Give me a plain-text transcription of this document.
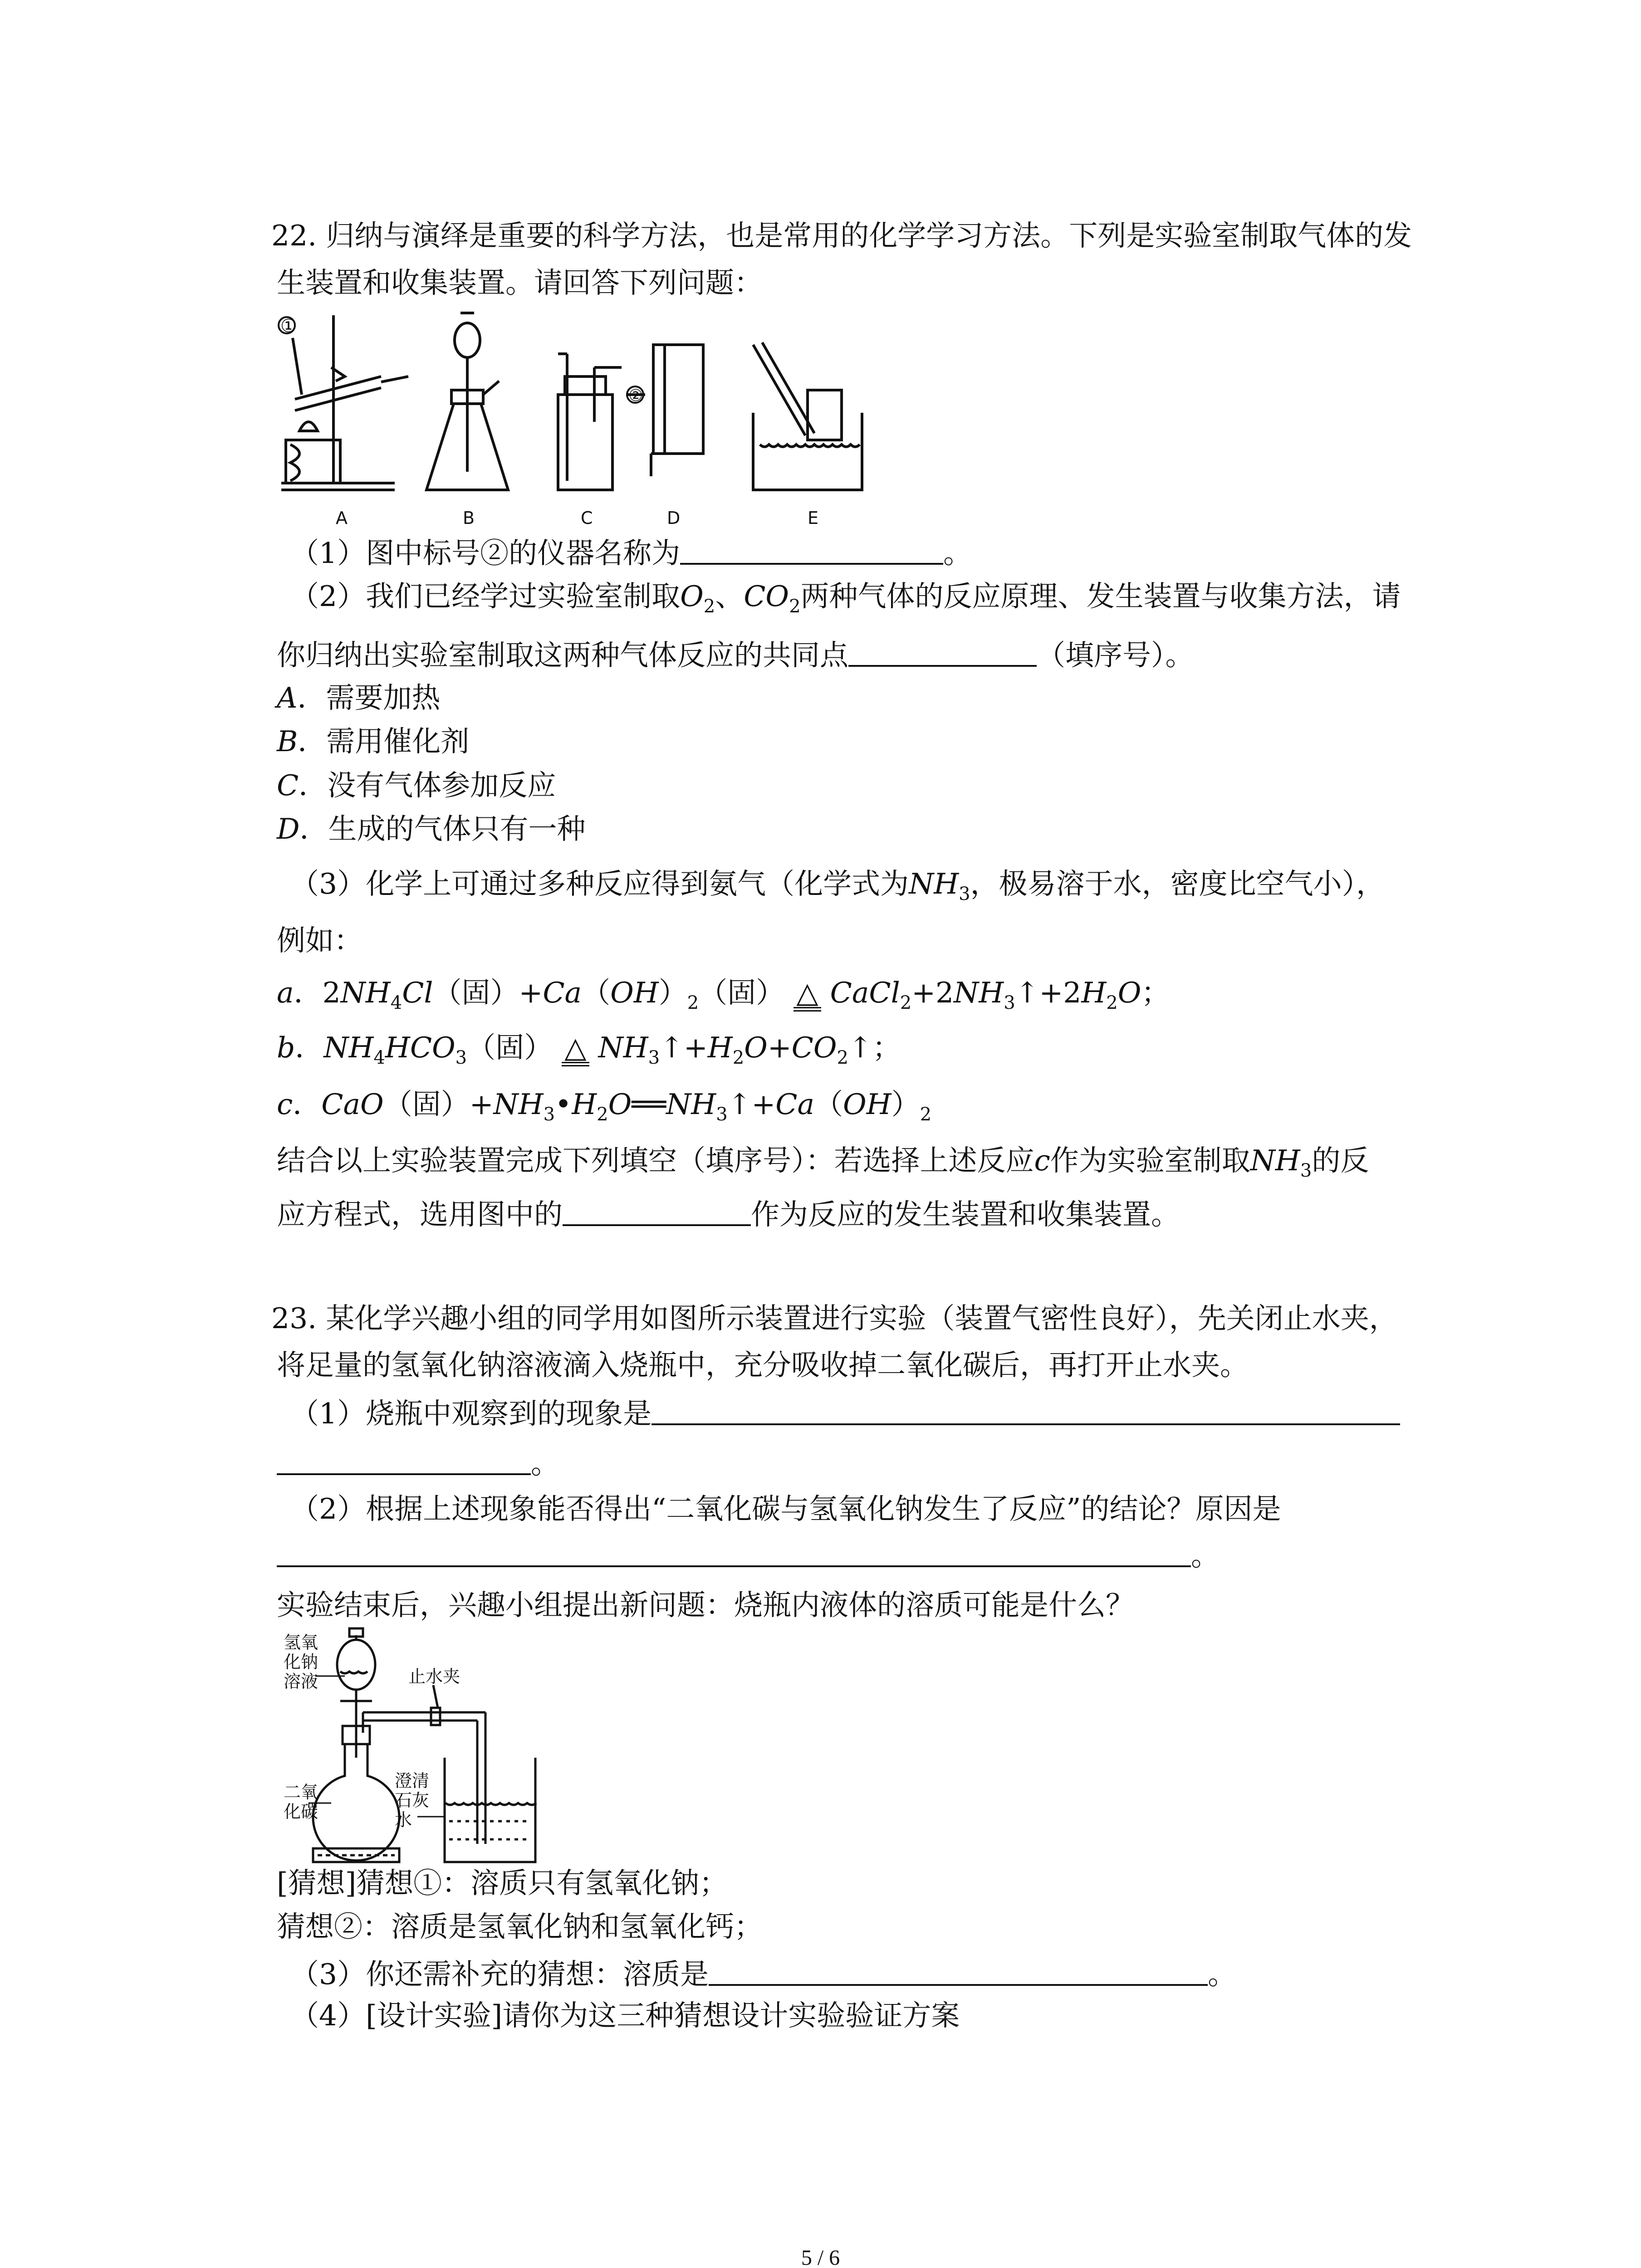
22. 归纳与演绎是重要的科学方法，也是常用的化学学习方法。下列是实验室制取气体的发
生装置和收集装置。请回答下列问题：
①
②
A	B	C	D	E
（1）图中标号②的仪器名称为	。
（2）我们已经学过实验室制取$O_2$、$CO_2$两种气体的反应原理、发生装置与收集方法，请
你归纳出实验室制取这两种气体反应的共同点	（填序号）。
A．需要加热
B．需用催化剂
C．没有气体参加反应
D．生成的气体只有一种
（3）化学上可通过多种反应得到氨气（化学式为$NH_3$，极易溶于水，密度比空气小），
例如：
a．$2NH_4Cl$（固）$+Ca(OH)_2$（固） △ $CaCl_2+2NH_3↑+2H_2O$；
b．$NH_4HCO_3$（固） △ $NH_3↑+H_2O+CO_2↑$；
c．CaO（固）$+NH_3•H_2O══NH_3↑+Ca(OH)_2$
结合以上实验装置完成下列填空（填序号）：若选择上述反应c作为实验室制取$NH_3$的反
应方程式，选用图中的	作为反应的发生装置和收集装置。
23. 某化学兴趣小组的同学用如图所示装置进行实验（装置气密性良好），先关闭止水夹，
将足量的氢氧化钠溶液滴入烧瓶中，充分吸收掉二氧化碳后，再打开止水夹。
（1）烧瓶中观察到的现象是
。
（2）根据上述现象能否得出“二氧化碳与氢氧化钠发生了反应”的结论？原因是
。
实验结束后，兴趣小组提出新问题：烧瓶内液体的溶质可能是什么？
氢氧
化钠
溶液	止水夹
二氧
化碳
澄清
石灰
水
[猜想]猜想①：溶质只有氢氧化钠；
猜想②：溶质是氢氧化钠和氢氧化钙；
（3）你还需补充的猜想：溶质是	。
（4）[设计实验]请你为这三种猜想设计实验验证方案
5 / 6
